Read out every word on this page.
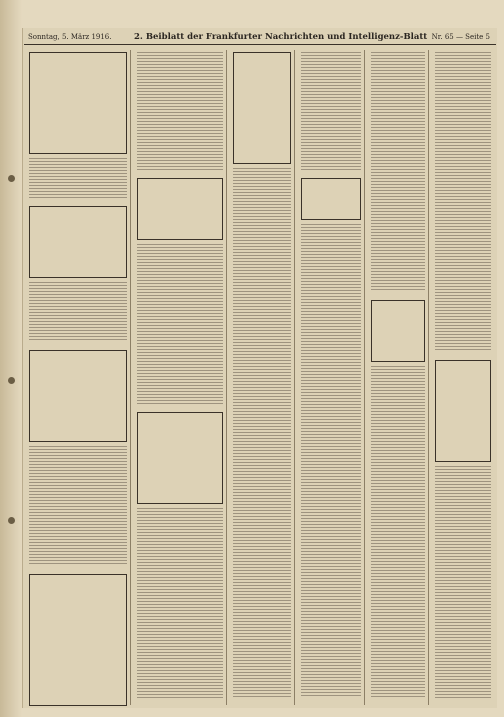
Sonntag, 5. März 1916.	2. Beiblatt der Frankfurter Nachrichten und Intelligenz-Blatt Nr. 65 — Seite 5
